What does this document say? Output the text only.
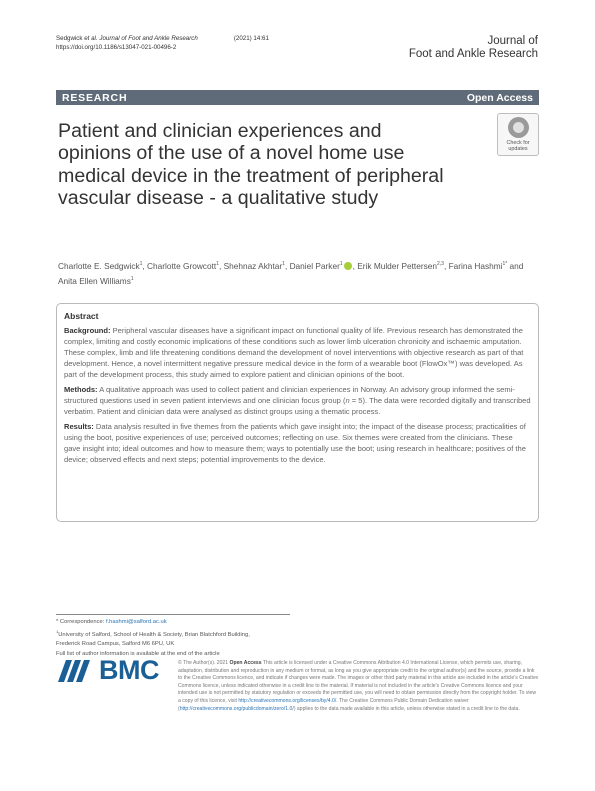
Sedgwick et al. Journal of Foot and Ankle Research	(2021) 14:61
https://doi.org/10.1186/s13047-021-00496-2
Journal of
Foot and Ankle Research
RESEARCH	Open Access
Patient and clinician experiences and opinions of the use of a novel home use medical device in the treatment of peripheral vascular disease - a qualitative study
Check for
updates
Charlotte E. Sedgwick$^1$, Charlotte Growcott$^1$, Shehnaz Akhtar$^1$, Daniel Parker$^1$ , Erik Mulder Pettersen$^{2,3}$, Farina Hashmi$^{1*}$ and Anita Ellen Williams$^1$
Abstract

Background: Peripheral vascular diseases have a significant impact on functional quality of life. Previous research has demonstrated the complex, limiting and costly economic implications of these conditions such as lower limb ulceration chronicity and ischaemic amputation. These complex, limb and life threatening conditions demand the development of novel interventions with objective research as part of that development. Hence, a novel intermittent negative pressure medical device in the form of a wearable boot (FlowOx™) was developed. As part of the development process, this study aimed to explore patient and clinician opinions of the boot.

Methods: A qualitative approach was used to collect patient and clinician experiences in Norway. An advisory group informed the semi-structured questions used in seven patient interviews and one clinician focus group (n = 5). The data were recorded digitally and transcribed verbatim. Patient and clinician data were analysed as distinct groups using a thematic process.

Results: Data analysis resulted in five themes from the patients which gave insight into; the impact of the disease process; practicalities of using the boot, positive experiences of use; perceived outcomes; reflecting on use. Six themes were created from the clinicians. These gave insight into; ideal outcomes and how to measure them; ways to potentially use the boot; using research in healthcare; positives of the device; observed effects and next steps; potential improvements to the device.

* Correspondence: f.hashmi@salford.ac.uk
$^1$University of Salford, School of Health & Society, Brian Blatchford Building,
Frederick Road Campus, Salford M6 6PU, UK
Full list of author information is available at the end of the article
BMC	© The Author(s). 2021 Open Access This article is licensed under a Creative Commons Attribution 4.0 International License, which permits use, sharing, adaptation, distribution and reproduction in any medium or format, as long as you give appropriate credit to the original author(s) and the source, provide a link to the Creative Commons licence, and indicate if changes were made. The images or other third party material in this article are included in the article's Creative Commons licence, unless indicated otherwise in a credit line to the material. If material is not included in the article's Creative Commons licence and your intended use is not permitted by statutory regulation or exceeds the permitted use, you will need to obtain permission directly from the copyright holder. To view a copy of this licence, visit http://creativecommons.org/licenses/by/4.0/. The Creative Commons Public Domain Dedication waiver (http://creativecommons.org/publicdomain/zero/1.0/) applies to the data made available in this article, unless otherwise stated in a credit line to the data.
